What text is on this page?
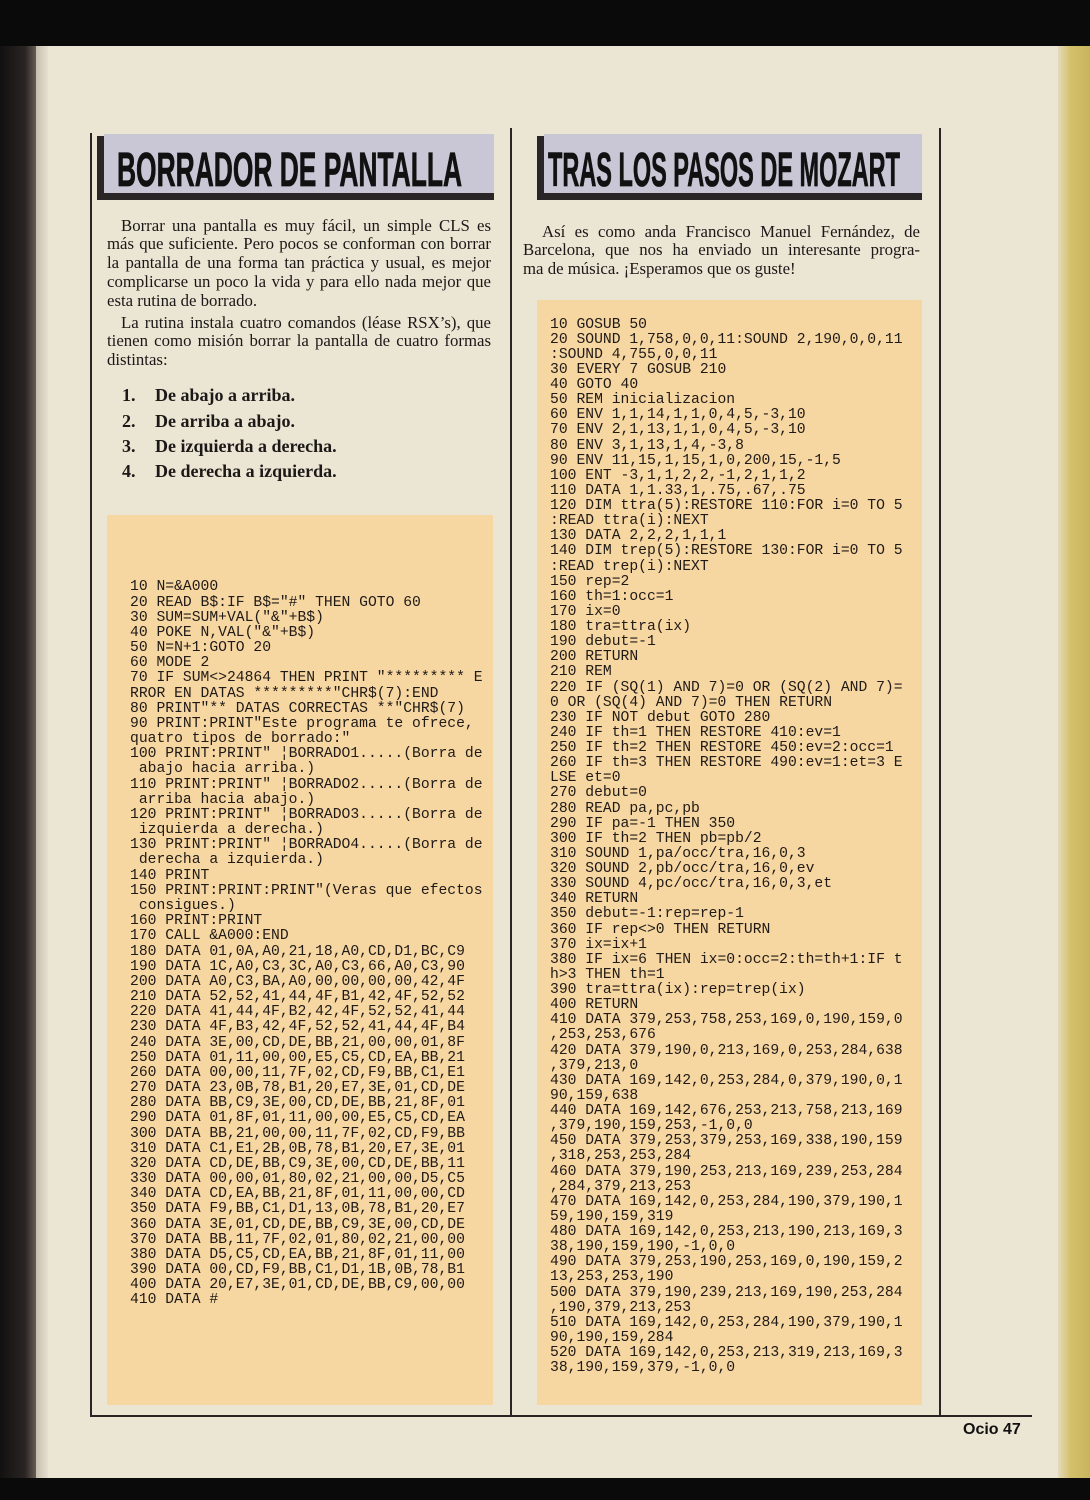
BORRADOR DE PANTALLA
Borrar una pantalla es muy fácil, un simple CLS es
más que suficiente. Pero pocos se conforman con borrar
la pantalla de una forma tan práctica y usual, es mejor
complicarse un poco la vida y para ello nada mejor que
esta rutina de borrado.
La rutina instala cuatro comandos (léase RSX’s), que
tienen como misión borrar la pantalla de cuatro formas
distintas:
1. De abajo a arriba.
2. De arriba a abajo.
3. De izquierda a derecha.
4. De derecha a izquierda.
10 N=&A000
20 READ B$:IF B$="#" THEN GOTO 60
30 SUM=SUM+VAL("&"+B$)
40 POKE N,VAL("&"+B$)
50 N=N+1:GOTO 20
60 MODE 2
70 IF SUM<>24864 THEN PRINT "********* E
RROR EN DATAS *********"CHR$(7):END
80 PRINT"** DATAS CORRECTAS **"CHR$(7)
90 PRINT:PRINT"Este programa te ofrece,
quatro tipos de borrado:"
100 PRINT:PRINT" ¦BORRADO1.....(Borra de
abajo hacia arriba.)
110 PRINT:PRINT" ¦BORRADO2.....(Borra de
arriba hacia abajo.)
120 PRINT:PRINT" ¦BORRADO3.....(Borra de
izquierda a derecha.)
130 PRINT:PRINT" ¦BORRADO4.....(Borra de
derecha a izquierda.)
140 PRINT
150 PRINT:PRINT:PRINT"(Veras que efectos
consigues.)
160 PRINT:PRINT
170 CALL &A000:END
180 DATA 01,0A,A0,21,18,A0,CD,D1,BC,C9
190 DATA 1C,A0,C3,3C,A0,C3,66,A0,C3,90
200 DATA A0,C3,BA,A0,00,00,00,00,42,4F
210 DATA 52,52,41,44,4F,B1,42,4F,52,52
220 DATA 41,44,4F,B2,42,4F,52,52,41,44
230 DATA 4F,B3,42,4F,52,52,41,44,4F,B4
240 DATA 3E,00,CD,DE,BB,21,00,00,01,8F
250 DATA 01,11,00,00,E5,C5,CD,EA,BB,21
260 DATA 00,00,11,7F,02,CD,F9,BB,C1,E1
270 DATA 23,0B,78,B1,20,E7,3E,01,CD,DE
280 DATA BB,C9,3E,00,CD,DE,BB,21,8F,01
290 DATA 01,8F,01,11,00,00,E5,C5,CD,EA
300 DATA BB,21,00,00,11,7F,02,CD,F9,BB
310 DATA C1,E1,2B,0B,78,B1,20,E7,3E,01
320 DATA CD,DE,BB,C9,3E,00,CD,DE,BB,11
330 DATA 00,00,01,80,02,21,00,00,D5,C5
340 DATA CD,EA,BB,21,8F,01,11,00,00,CD
350 DATA F9,BB,C1,D1,13,0B,78,B1,20,E7
360 DATA 3E,01,CD,DE,BB,C9,3E,00,CD,DE
370 DATA BB,11,7F,02,01,80,02,21,00,00
380 DATA D5,C5,CD,EA,BB,21,8F,01,11,00
390 DATA 00,CD,F9,BB,C1,D1,1B,0B,78,B1
400 DATA 20,E7,3E,01,CD,DE,BB,C9,00,00
410 DATA #
TRAS LOS PASOS DE MOZART
Así es como anda Francisco Manuel Fernández, de
Barcelona, que nos ha enviado un interesante progra-
ma de música. ¡Esperamos que os guste!
10 GOSUB 50
20 SOUND 1,758,0,0,11:SOUND 2,190,0,0,11
:SOUND 4,755,0,0,11
30 EVERY 7 GOSUB 210
40 GOTO 40
50 REM inicializacion
60 ENV 1,1,14,1,1,0,4,5,-3,10
70 ENV 2,1,13,1,1,0,4,5,-3,10
80 ENV 3,1,13,1,4,-3,8
90 ENV 11,15,1,15,1,0,200,15,-1,5
100 ENT -3,1,1,2,2,-1,2,1,1,2
110 DATA 1,1.33,1,.75,.67,.75
120 DIM ttra(5):RESTORE 110:FOR i=0 TO 5
:READ ttra(i):NEXT
130 DATA 2,2,2,1,1,1
140 DIM trep(5):RESTORE 130:FOR i=0 TO 5
:READ trep(i):NEXT
150 rep=2
160 th=1:occ=1
170 ix=0
180 tra=ttra(ix)
190 debut=-1
200 RETURN
210 REM
220 IF (SQ(1) AND 7)=0 OR (SQ(2) AND 7)=
0 OR (SQ(4) AND 7)=0 THEN RETURN
230 IF NOT debut GOTO 280
240 IF th=1 THEN RESTORE 410:ev=1
250 IF th=2 THEN RESTORE 450:ev=2:occ=1
260 IF th=3 THEN RESTORE 490:ev=1:et=3 E
LSE et=0
270 debut=0
280 READ pa,pc,pb
290 IF pa=-1 THEN 350
300 IF th=2 THEN pb=pb/2
310 SOUND 1,pa/occ/tra,16,0,3
320 SOUND 2,pb/occ/tra,16,0,ev
330 SOUND 4,pc/occ/tra,16,0,3,et
340 RETURN
350 debut=-1:rep=rep-1
360 IF rep<>0 THEN RETURN
370 ix=ix+1
380 IF ix=6 THEN ix=0:occ=2:th=th+1:IF t
h>3 THEN th=1
390 tra=ttra(ix):rep=trep(ix)
400 RETURN
410 DATA 379,253,758,253,169,0,190,159,0
,253,253,676
420 DATA 379,190,0,213,169,0,253,284,638
,379,213,0
430 DATA 169,142,0,253,284,0,379,190,0,1
90,159,638
440 DATA 169,142,676,253,213,758,213,169
,379,190,159,253,-1,0,0
450 DATA 379,253,379,253,169,338,190,159
,318,253,253,284
460 DATA 379,190,253,213,169,239,253,284
,284,379,213,253
470 DATA 169,142,0,253,284,190,379,190,1
59,190,159,319
480 DATA 169,142,0,253,213,190,213,169,3
38,190,159,190,-1,0,0
490 DATA 379,253,190,253,169,0,190,159,2
13,253,253,190
500 DATA 379,190,239,213,169,190,253,284
,190,379,213,253
510 DATA 169,142,0,253,284,190,379,190,1
90,190,159,284
520 DATA 169,142,0,253,213,319,213,169,3
38,190,159,379,-1,0,0
Ocio 47
